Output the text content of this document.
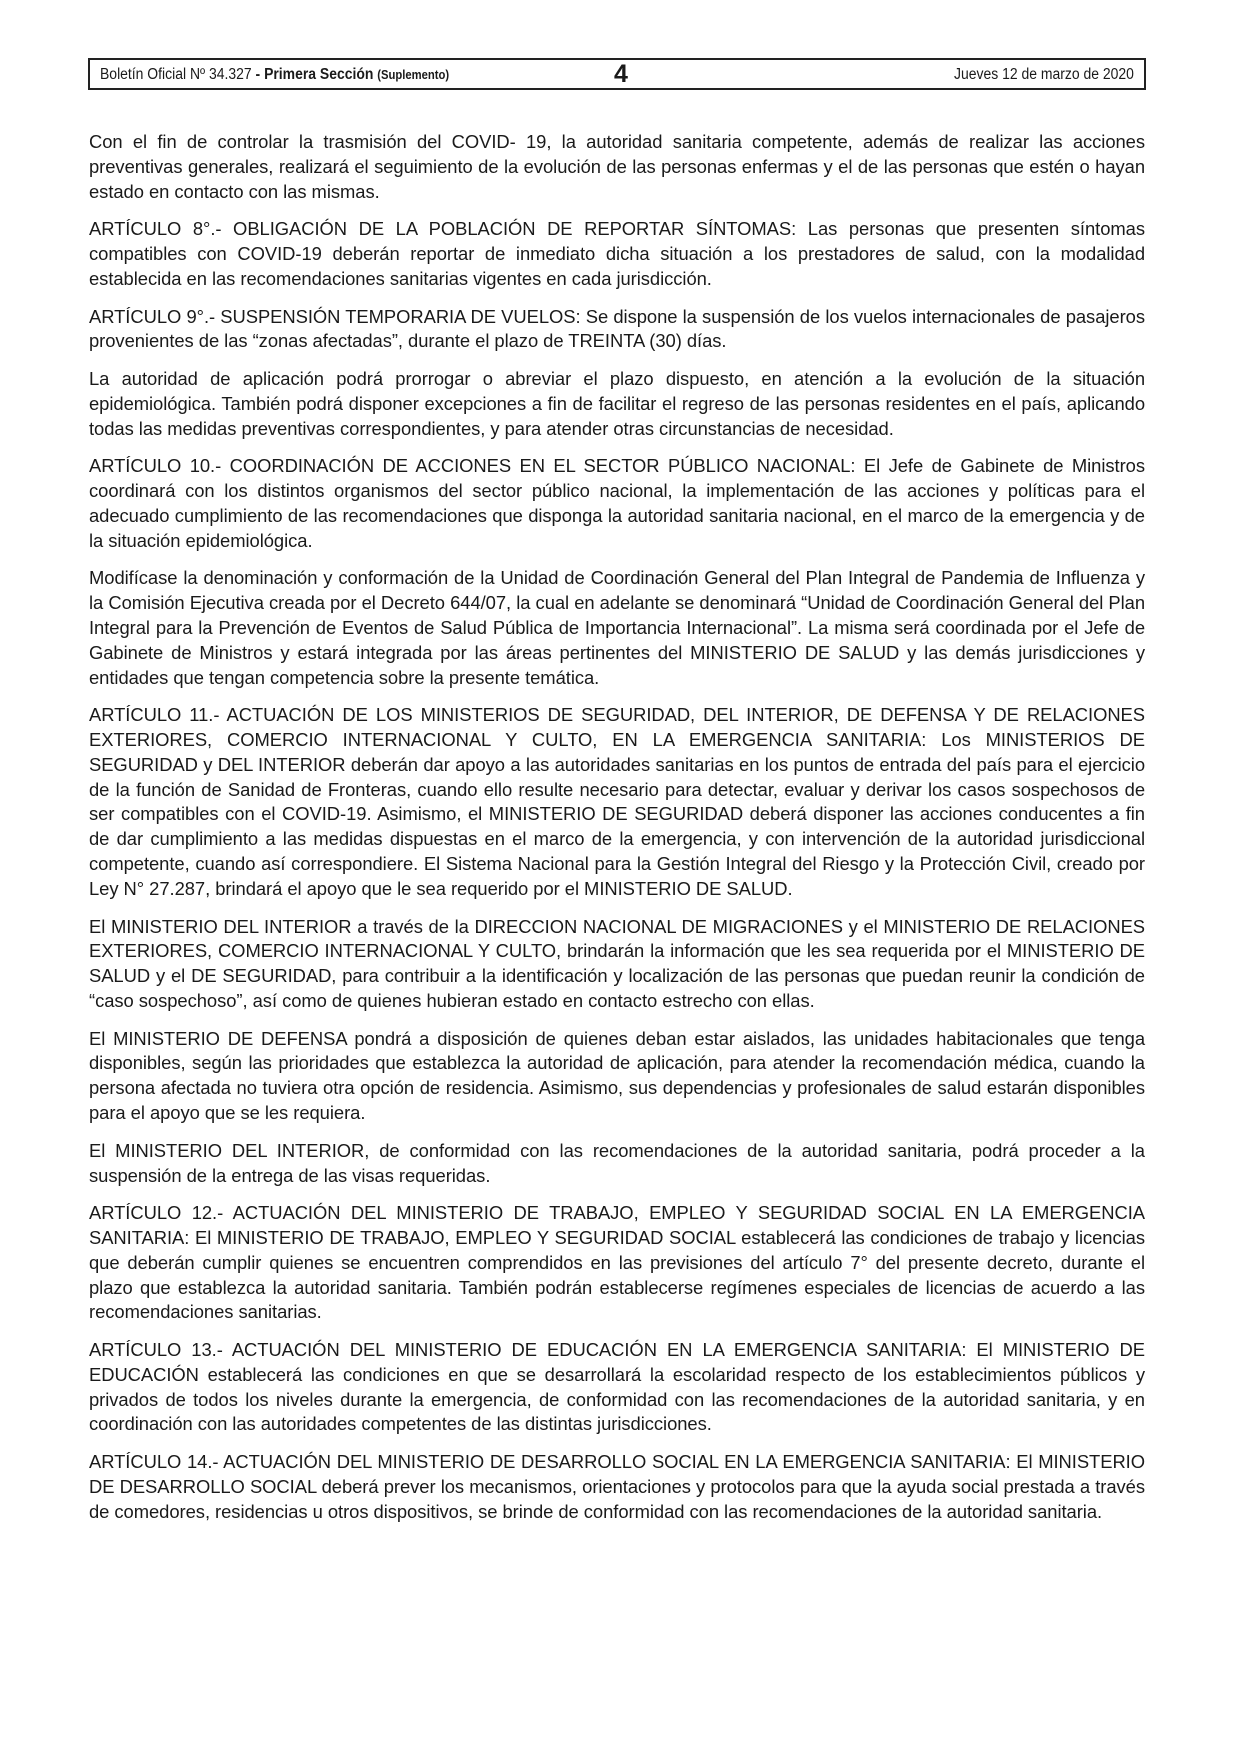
Boletín Oficial Nº 34.327 - Primera Sección (Suplemento)	4	Jueves 12 de marzo de 2020

Con el fin de controlar la trasmisión del COVID- 19, la autoridad sanitaria competente, además de realizar las acciones preventivas generales, realizará el seguimiento de la evolución de las personas enfermas y el de las personas que estén o hayan estado en contacto con las mismas.

ARTÍCULO 8°.- OBLIGACIÓN DE LA POBLACIÓN DE REPORTAR SÍNTOMAS: Las personas que presenten síntomas compatibles con COVID-19 deberán reportar de inmediato dicha situación a los prestadores de salud, con la modalidad establecida en las recomendaciones sanitarias vigentes en cada jurisdicción.

ARTÍCULO 9°.- SUSPENSIÓN TEMPORARIA DE VUELOS: Se dispone la suspensión de los vuelos internacionales de pasajeros provenientes de las “zonas afectadas”, durante el plazo de TREINTA (30) días.

La autoridad de aplicación podrá prorrogar o abreviar el plazo dispuesto, en atención a la evolución de la situación epidemiológica. También podrá disponer excepciones a fin de facilitar el regreso de las personas residentes en el país, aplicando todas las medidas preventivas correspondientes, y para atender otras circunstancias de necesidad.

ARTÍCULO 10.- COORDINACIÓN DE ACCIONES EN EL SECTOR PÚBLICO NACIONAL: El Jefe de Gabinete de Ministros coordinará con los distintos organismos del sector público nacional, la implementación de las acciones y políticas para el adecuado cumplimiento de las recomendaciones que disponga la autoridad sanitaria nacional, en el marco de la emergencia y de la situación epidemiológica.

Modifícase la denominación y conformación de la Unidad de Coordinación General del Plan Integral de Pandemia de Influenza y la Comisión Ejecutiva creada por el Decreto 644/07, la cual en adelante se denominará “Unidad de Coordinación General del Plan Integral para la Prevención de Eventos de Salud Pública de Importancia Internacional”. La misma será coordinada por el Jefe de Gabinete de Ministros y estará integrada por las áreas pertinentes del MINISTERIO DE SALUD y las demás jurisdicciones y entidades que tengan competencia sobre la presente temática.

ARTÍCULO 11.- ACTUACIÓN DE LOS MINISTERIOS DE SEGURIDAD, DEL INTERIOR, DE DEFENSA Y DE RELACIONES EXTERIORES, COMERCIO INTERNACIONAL Y CULTO, EN LA EMERGENCIA SANITARIA: Los MINISTERIOS DE SEGURIDAD y DEL INTERIOR deberán dar apoyo a las autoridades sanitarias en los puntos de entrada del país para el ejercicio de la función de Sanidad de Fronteras, cuando ello resulte necesario para detectar, evaluar y derivar los casos sospechosos de ser compatibles con el COVID-19. Asimismo, el MINISTERIO DE SEGURIDAD deberá disponer las acciones conducentes a fin de dar cumplimiento a las medidas dispuestas en el marco de la emergencia, y con intervención de la autoridad jurisdiccional competente, cuando así correspondiere. El Sistema Nacional para la Gestión Integral del Riesgo y la Protección Civil, creado por Ley N° 27.287, brindará el apoyo que le sea requerido por el MINISTERIO DE SALUD.

El MINISTERIO DEL INTERIOR a través de la DIRECCION NACIONAL DE MIGRACIONES y el MINISTERIO DE RELACIONES EXTERIORES, COMERCIO INTERNACIONAL Y CULTO, brindarán la información que les sea requerida por el MINISTERIO DE SALUD y el DE SEGURIDAD, para contribuir a la identificación y localización de las personas que puedan reunir la condición de “caso sospechoso”, así como de quienes hubieran estado en contacto estrecho con ellas.

El MINISTERIO DE DEFENSA pondrá a disposición de quienes deban estar aislados, las unidades habitacionales que tenga disponibles, según las prioridades que establezca la autoridad de aplicación, para atender la recomendación médica, cuando la persona afectada no tuviera otra opción de residencia. Asimismo, sus dependencias y profesionales de salud estarán disponibles para el apoyo que se les requiera.

El MINISTERIO DEL INTERIOR, de conformidad con las recomendaciones de la autoridad sanitaria, podrá proceder a la suspensión de la entrega de las visas requeridas.

ARTÍCULO 12.- ACTUACIÓN DEL MINISTERIO DE TRABAJO, EMPLEO Y SEGURIDAD SOCIAL EN LA EMERGENCIA SANITARIA: El MINISTERIO DE TRABAJO, EMPLEO Y SEGURIDAD SOCIAL establecerá las condiciones de trabajo y licencias que deberán cumplir quienes se encuentren comprendidos en las previsiones del artículo 7° del presente decreto, durante el plazo que establezca la autoridad sanitaria. También podrán establecerse regímenes especiales de licencias de acuerdo a las recomendaciones sanitarias.

ARTÍCULO 13.- ACTUACIÓN DEL MINISTERIO DE EDUCACIÓN EN LA EMERGENCIA SANITARIA: El MINISTERIO DE EDUCACIÓN establecerá las condiciones en que se desarrollará la escolaridad respecto de los establecimientos públicos y privados de todos los niveles durante la emergencia, de conformidad con las recomendaciones de la autoridad sanitaria, y en coordinación con las autoridades competentes de las distintas jurisdicciones.

ARTÍCULO 14.- ACTUACIÓN DEL MINISTERIO DE DESARROLLO SOCIAL EN LA EMERGENCIA SANITARIA: El MINISTERIO DE DESARROLLO SOCIAL deberá prever los mecanismos, orientaciones y protocolos para que la ayuda social prestada a través de comedores, residencias u otros dispositivos, se brinde de conformidad con las recomendaciones de la autoridad sanitaria.
